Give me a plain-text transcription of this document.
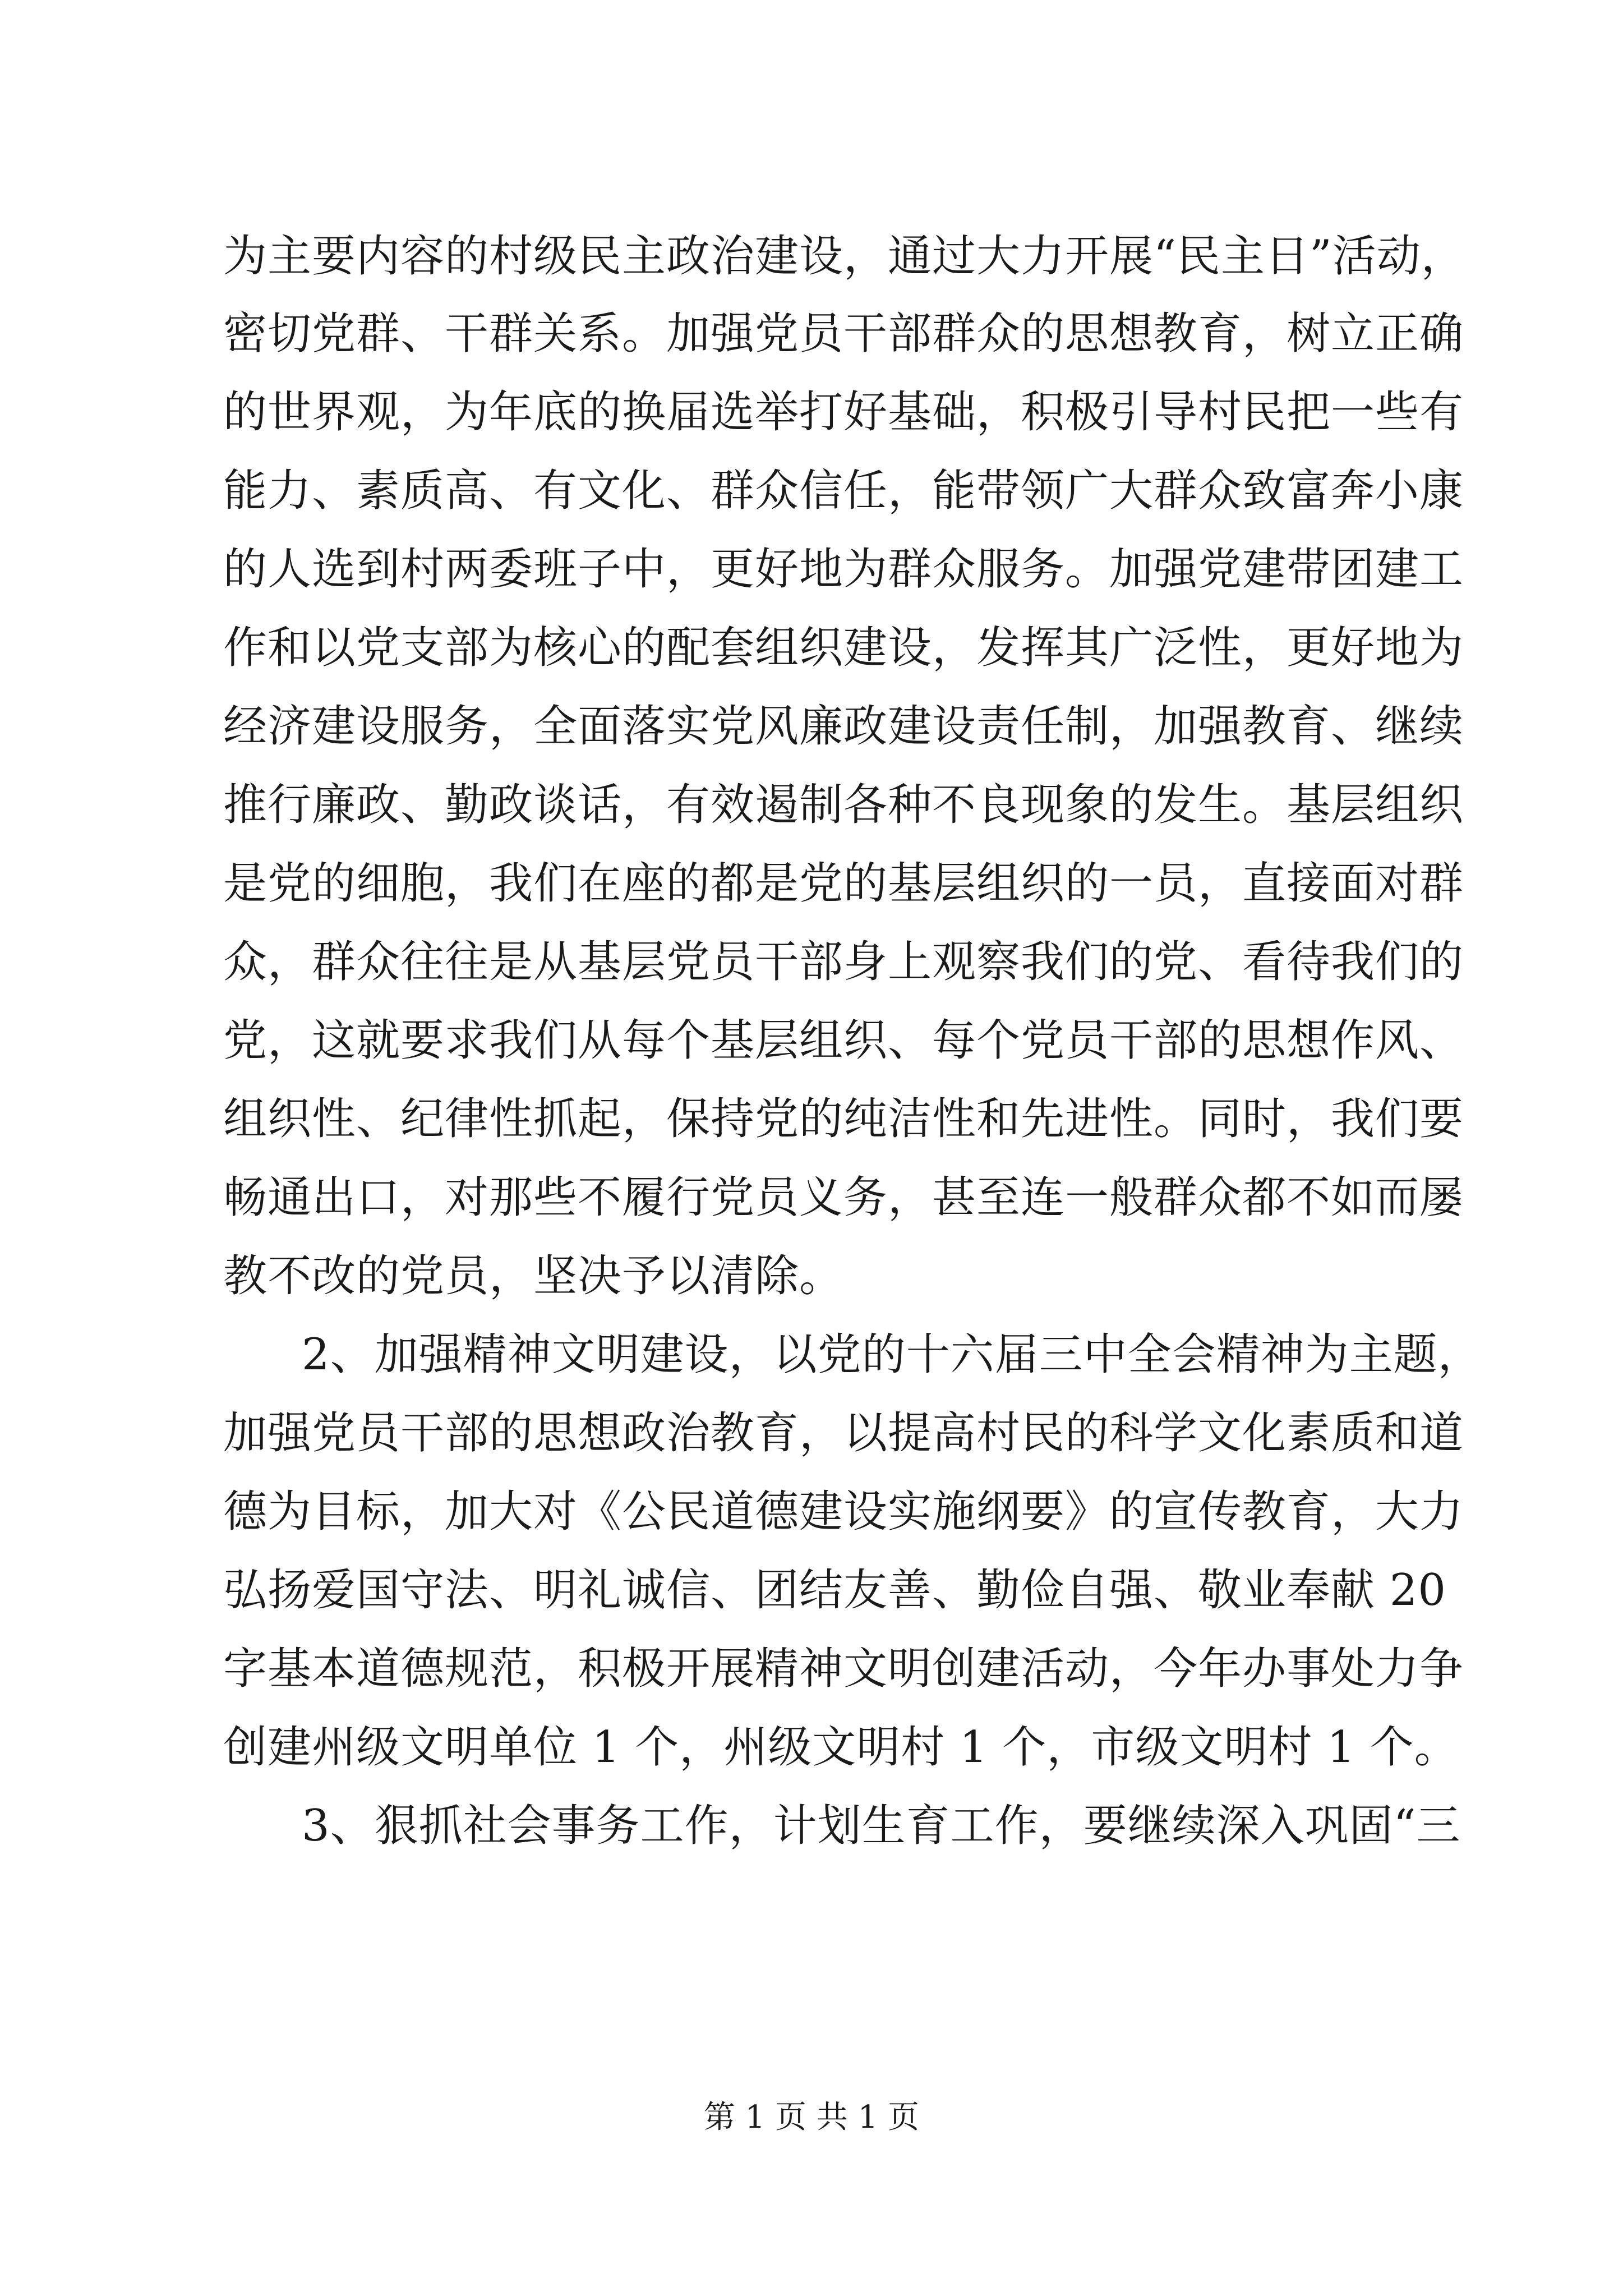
为主要内容的村级民主政治建设，通过大力开展“民主日”活动，
密切党群、干群关系。加强党员干部群众的思想教育，树立正确
的世界观，为年底的换届选举打好基础，积极引导村民把一些有
能力、素质高、有文化、群众信任，能带领广大群众致富奔小康
的人选到村两委班子中，更好地为群众服务。加强党建带团建工
作和以党支部为核心的配套组织建设，发挥其广泛性，更好地为
经济建设服务，全面落实党风廉政建设责任制，加强教育、继续
推行廉政、勤政谈话，有效遏制各种不良现象的发生。基层组织
是党的细胞，我们在座的都是党的基层组织的一员，直接面对群
众，群众往往是从基层党员干部身上观察我们的党、看待我们的
党，这就要求我们从每个基层组织、每个党员干部的思想作风、
组织性、纪律性抓起，保持党的纯洁性和先进性。同时，我们要
畅通出口，对那些不履行党员义务，甚至连一般群众都不如而屡
教不改的党员，坚决予以清除。
2、加强精神文明建设，以党的十六届三中全会精神为主题，
加强党员干部的思想政治教育，以提高村民的科学文化素质和道
德为目标，加大对《公民道德建设实施纲要》的宣传教育，大力
弘扬爱国守法、明礼诚信、团结友善、勤俭自强、敬业奉献 20
字基本道德规范，积极开展精神文明创建活动，今年办事处力争
创建州级文明单位 1 个，州级文明村 1 个，市级文明村 1 个。
3、狠抓社会事务工作，计划生育工作，要继续深入巩固“三
第 1 页 共 1 页
